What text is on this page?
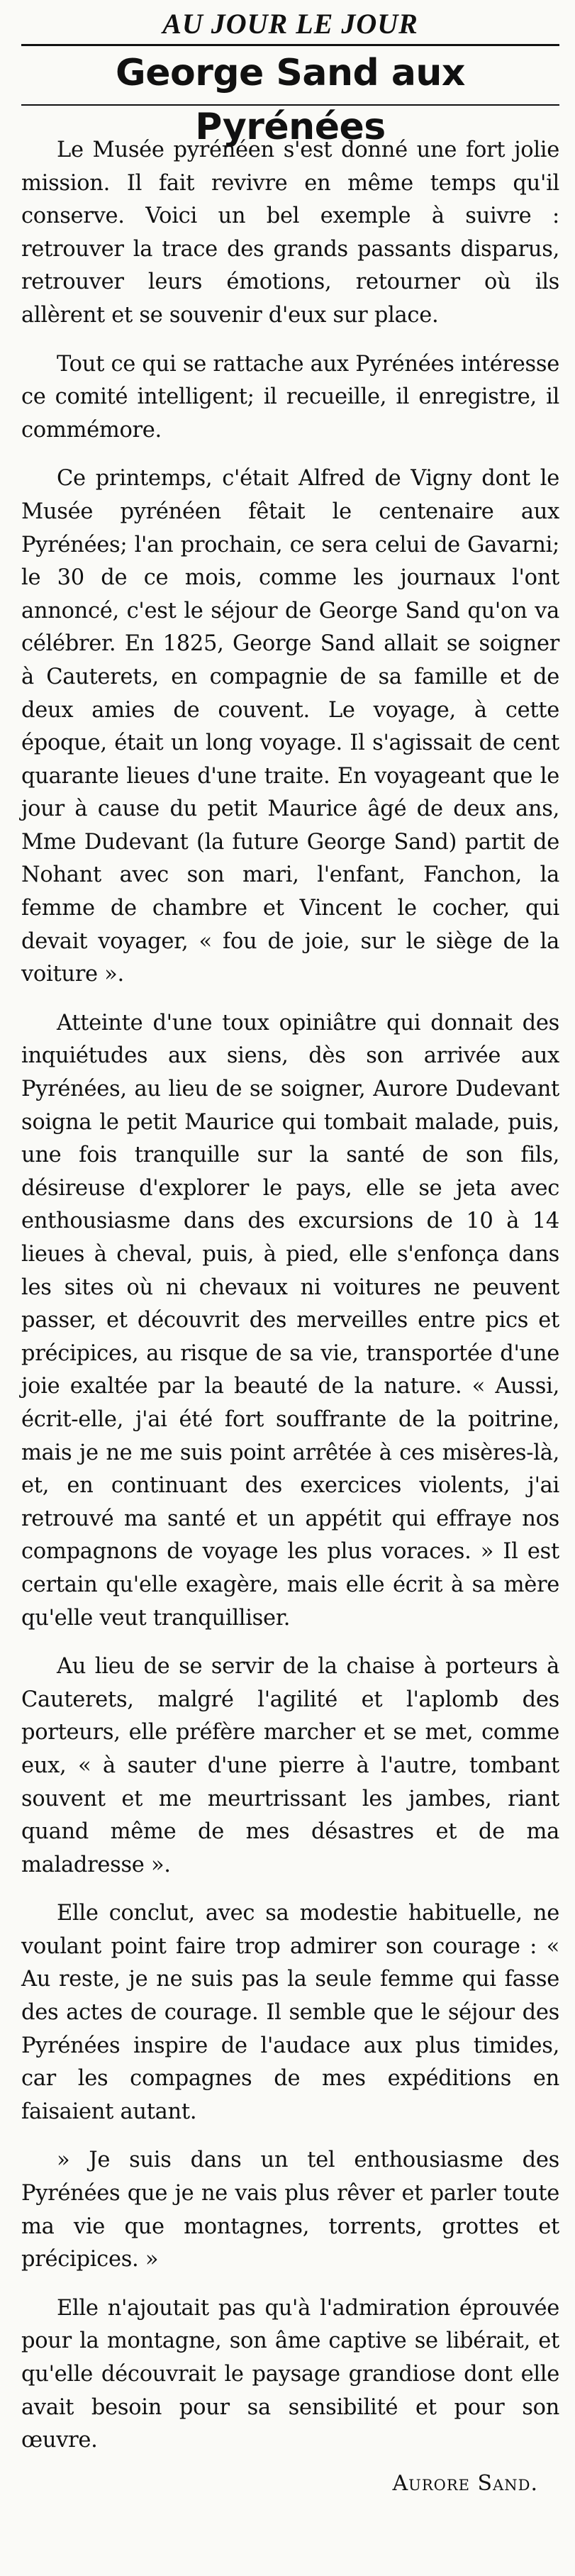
AU JOUR LE JOUR
George Sand aux Pyrénées

Le Musée pyrénéen s'est donné une fort jolie mission. Il fait revivre en même temps qu'il conserve. Voici un bel exemple à suivre : retrouver la trace des grands passants disparus, retrouver leurs émotions, retourner où ils allèrent et se souvenir d'eux sur place.

Tout ce qui se rattache aux Pyrénées intéresse ce comité intelligent; il recueille, il enregistre, il commémore.

Ce printemps, c'était Alfred de Vigny dont le Musée pyrénéen fêtait le centenaire aux Pyrénées; l'an prochain, ce sera celui de Gavarni; le 30 de ce mois, comme les journaux l'ont annoncé, c'est le séjour de George Sand qu'on va célébrer. En 1825, George Sand allait se soigner à Cauterets, en compagnie de sa famille et de deux amies de couvent. Le voyage, à cette époque, était un long voyage. Il s'agissait de cent quarante lieues d'une traite. En voyageant que le jour à cause du petit Maurice âgé de deux ans, Mme Dudevant (la future George Sand) partit de Nohant avec son mari, l'enfant, Fanchon, la femme de chambre et Vincent le cocher, qui devait voyager, « fou de joie, sur le siège de la voiture ».

Atteinte d'une toux opiniâtre qui donnait des inquiétudes aux siens, dès son arrivée aux Pyrénées, au lieu de se soigner, Aurore Dudevant soigna le petit Maurice qui tombait malade, puis, une fois tranquille sur la santé de son fils, désireuse d'explorer le pays, elle se jeta avec enthousiasme dans des excursions de 10 à 14 lieues à cheval, puis, à pied, elle s'enfonça dans les sites où ni chevaux ni voitures ne peuvent passer, et découvrit des merveilles entre pics et précipices, au risque de sa vie, transportée d'une joie exaltée par la beauté de la nature. « Aussi, écrit-elle, j'ai été fort souffrante de la poitrine, mais je ne me suis point arrêtée à ces misères-là, et, en continuant des exercices violents, j'ai retrouvé ma santé et un appétit qui effraye nos compagnons de voyage les plus voraces. » Il est certain qu'elle exagère, mais elle écrit à sa mère qu'elle veut tranquilliser.

Au lieu de se servir de la chaise à porteurs à Cauterets, malgré l'agilité et l'aplomb des porteurs, elle préfère marcher et se met, comme eux, « à sauter d'une pierre à l'autre, tombant souvent et me meurtrissant les jambes, riant quand même de mes désastres et de ma maladresse ».

Elle conclut, avec sa modestie habituelle, ne voulant point faire trop admirer son courage : « Au reste, je ne suis pas la seule femme qui fasse des actes de courage. Il semble que le séjour des Pyrénées inspire de l'audace aux plus timides, car les compagnes de mes expéditions en faisaient autant.

» Je suis dans un tel enthousiasme des Pyrénées que je ne vais plus rêver et parler toute ma vie que montagnes, torrents, grottes et précipices. »

Elle n'ajoutait pas qu'à l'admiration éprouvée pour la montagne, son âme captive se libérait, et qu'elle découvrait le paysage grandiose dont elle avait besoin pour sa sensibilité et pour son œuvre.

Aurore Sand.
